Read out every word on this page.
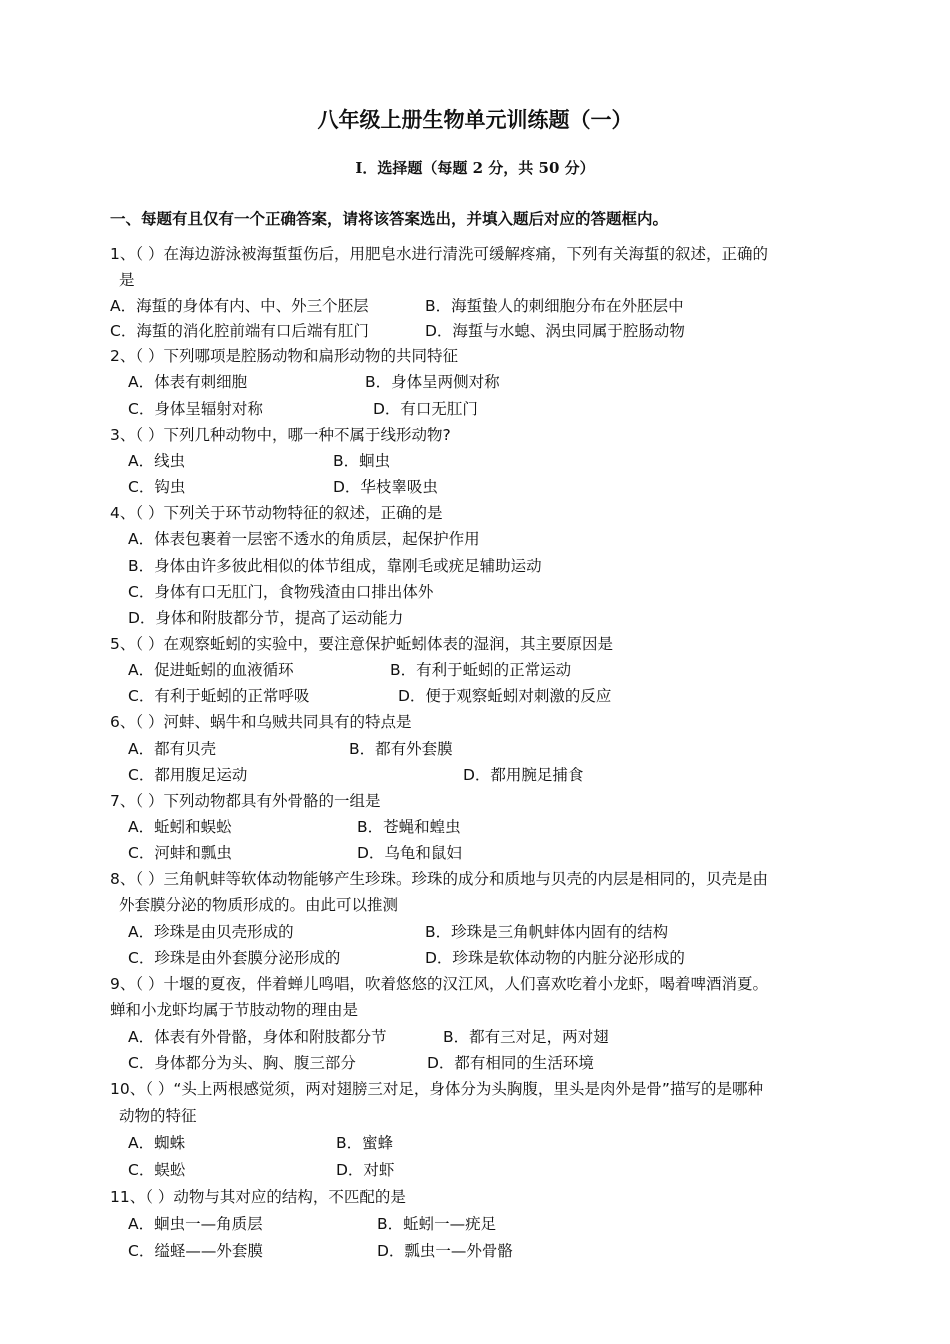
八年级上册生物单元训练题（一）
Ⅰ．选择题（每题 2 分，共 50 分）
一、每题有且仅有一个正确答案，请将该答案选出，并填入题后对应的答题框内。
1、（ ）在海边游泳被海蜇蜇伤后，用肥皂水进行清洗可缓解疼痛，下列有关海蜇的叙述，正确的
是
A．海蜇的身体有内、中、外三个胚层	B．海蜇蛰人的刺细胞分布在外胚层中
C．海蜇的消化腔前端有口后端有肛门	D．海蜇与水螅、涡虫同属于腔肠动物
2、（ ）下列哪项是腔肠动物和扁形动物的共同特征
A．体表有刺细胞	B．身体呈两侧对称
C．身体呈辐射对称	D．有口无肛门
3、（ ）下列几种动物中，哪一种不属于线形动物?
A．线虫	B．蛔虫
C．钩虫	D．华枝睾吸虫
4、（ ）下列关于环节动物特征的叙述，正确的是
A．体表包裹着一层密不透水的角质层，起保护作用
B．身体由许多彼此相似的体节组成，靠刚毛或疣足辅助运动
C．身体有口无肛门，食物残渣由口排出体外
D．身体和附肢都分节，提高了运动能力
5、（ ）在观察蚯蚓的实验中，要注意保护蚯蚓体表的湿润，其主要原因是
A．促进蚯蚓的血液循环	B．有利于蚯蚓的正常运动
C．有利于蚯蚓的正常呼吸	D．便于观察蚯蚓对刺激的反应
6、（ ）河蚌、蜗牛和乌贼共同具有的特点是
A．都有贝壳	B．都有外套膜
C．都用腹足运动	D．都用腕足捕食
7、（ ）下列动物都具有外骨骼的一组是
A．蚯蚓和蜈蚣	B．苍蝇和蝗虫
C．河蚌和瓢虫	D．乌龟和鼠妇
8、（ ）三角帆蚌等软体动物能够产生珍珠。珍珠的成分和质地与贝壳的内层是相同的，贝壳是由
外套膜分泌的物质形成的。由此可以推测
A．珍珠是由贝壳形成的	B．珍珠是三角帆蚌体内固有的结构
C．珍珠是由外套膜分泌形成的	D．珍珠是软体动物的内脏分泌形成的
9、（ ）十堰的夏夜，伴着蝉儿鸣唱，吹着悠悠的汉江风，人们喜欢吃着小龙虾，喝着啤酒消夏。
蝉和小龙虾均属于节肢动物的理由是
A．体表有外骨骼，身体和附肢都分节	B．都有三对足，两对翅
C．身体都分为头、胸、腹三部分	D．都有相同的生活环境
10、（ ）“头上两根感觉须，两对翅膀三对足，身体分为头胸腹，里头是肉外是骨”描写的是哪种
动物的特征
A．蜘蛛	B．蜜蜂
C．蜈蚣	D．对虾
11、（ ）动物与其对应的结构，不匹配的是
A．蛔虫一—角质层	B．蚯蚓一—疣足
C．缢蛏——外套膜	D．瓢虫一—外骨骼
